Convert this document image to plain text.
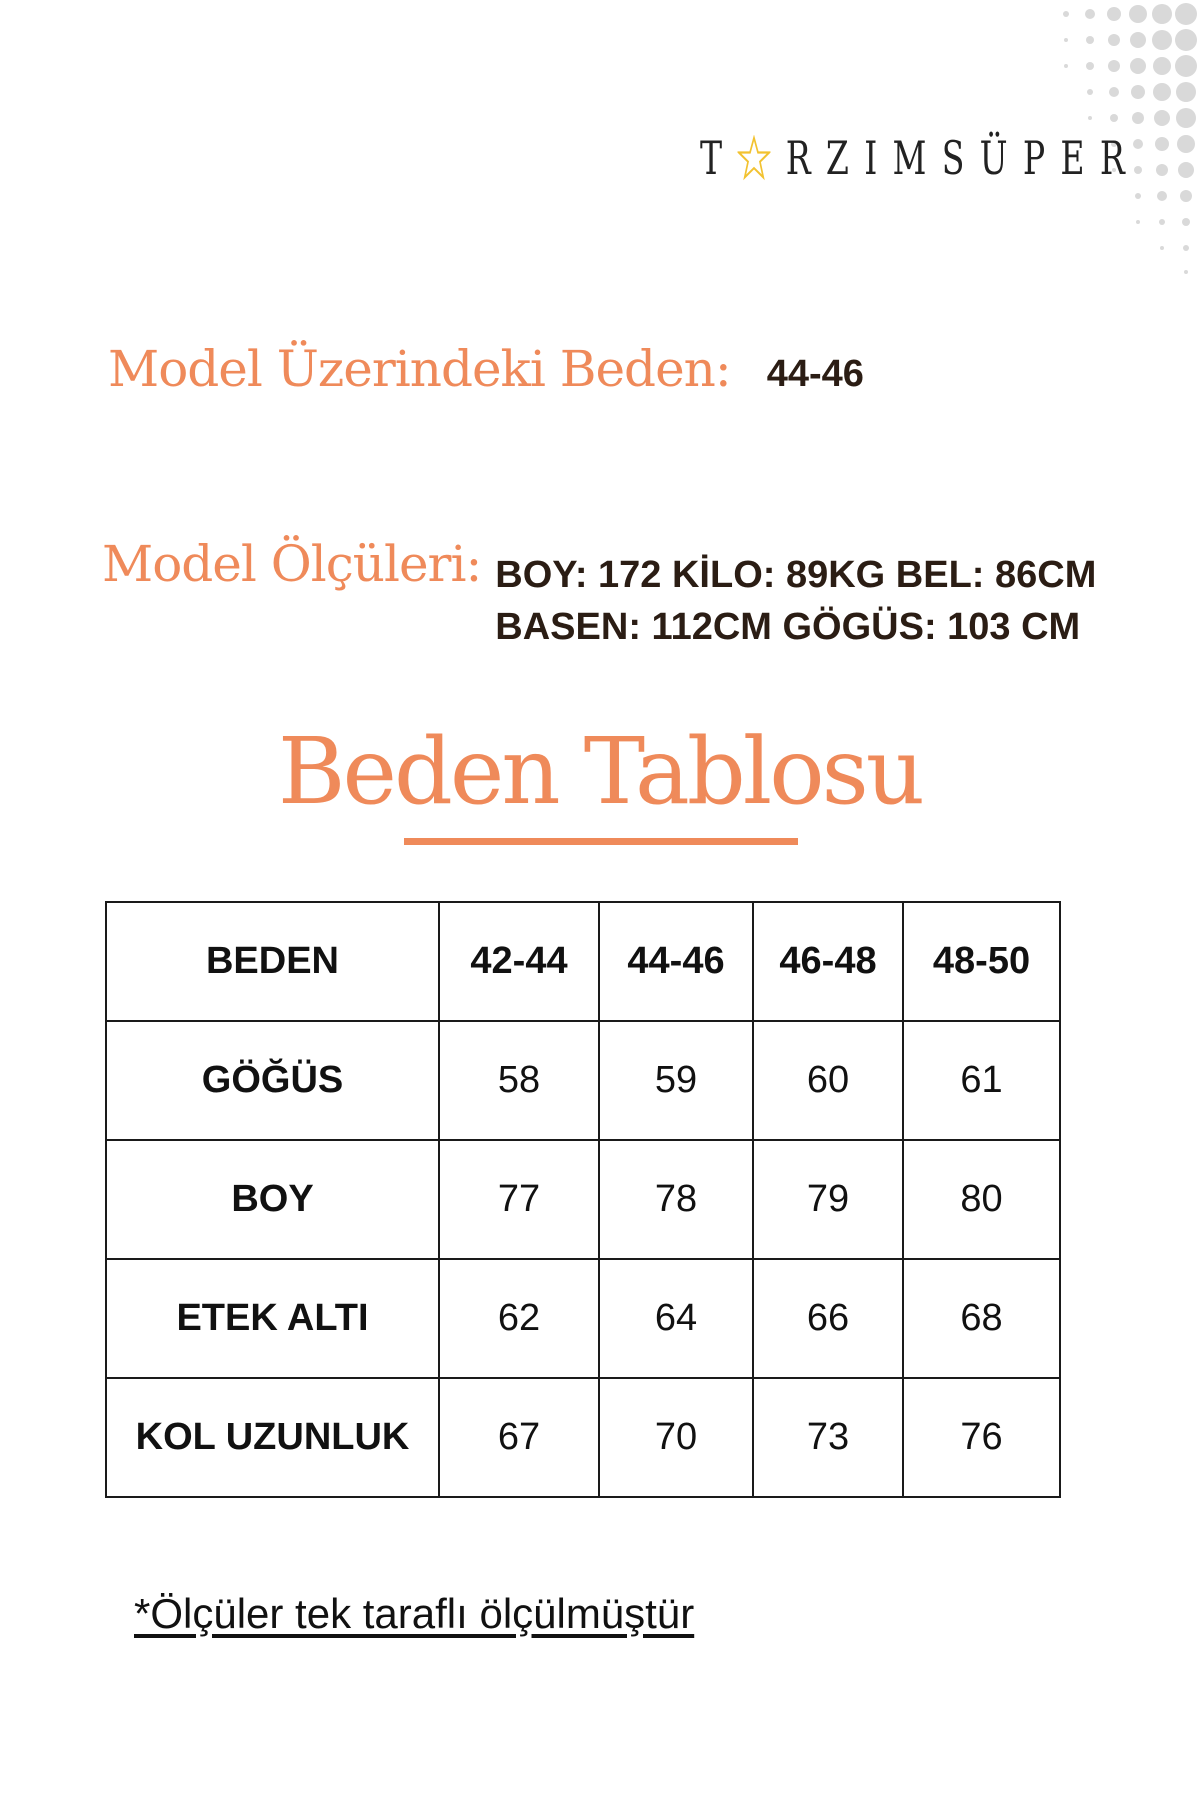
T R Z I M S Ü P E R
Model Üzerindeki Beden: 44-46
Model Ölçüleri: BOY: 172 KİLO: 89KG BEL: 86CM
BASEN: 112CM GÖGÜS: 103 CM
Beden Tablosu
BEDEN	42-44	44-46	46-48	48-50
GÖĞÜS	58	59	60	61
BOY	77	78	79	80
ETEK ALTI	62	64	66	68
KOL UZUNLUK	67	70	73	76
*Ölçüler tek taraflı ölçülmüştür
